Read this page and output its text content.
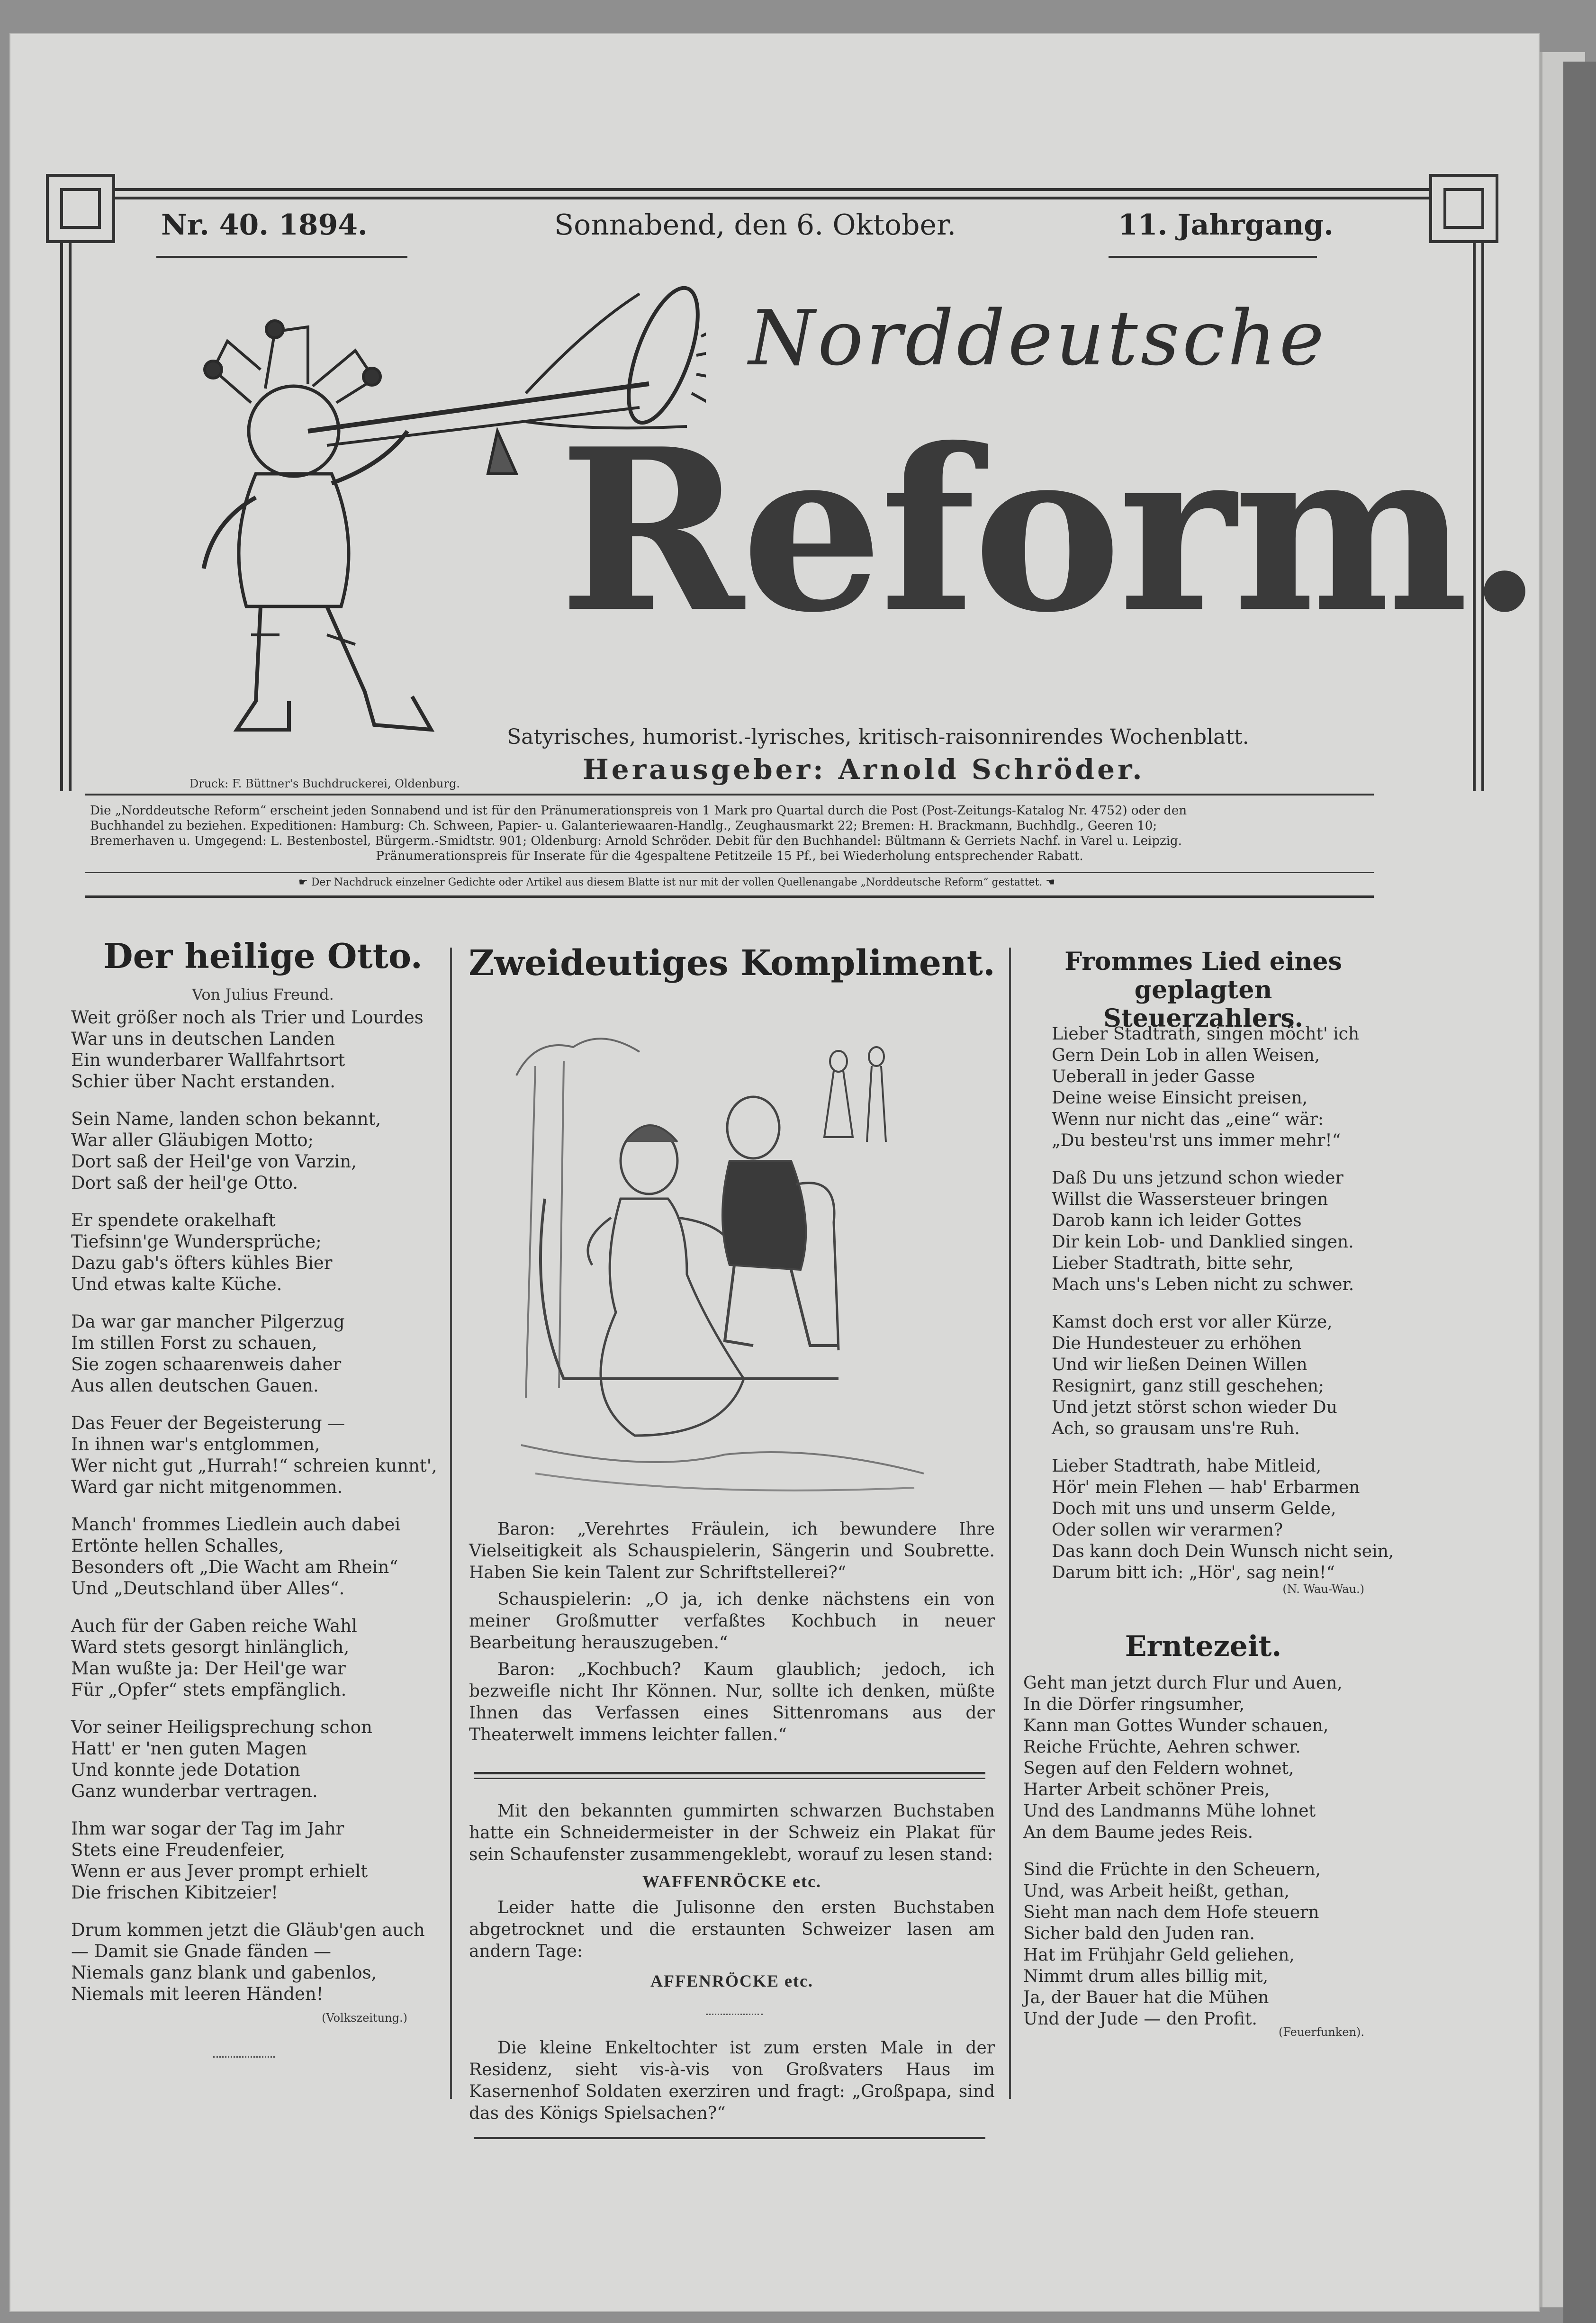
Nr. 40. 1894.	Sonnabend, den 6. Oktober.	11. Jahrgang.
Norddeutsche
Reform.
Satyrisches, humorist.-lyrisches, kritisch-raisonnirendes Wochenblatt.
Herausgeber: Arnold Schröder.
Druck: F. Büttner's Buchdruckerei, Oldenburg.
Die „Norddeutsche Reform“ erscheint jeden Sonnabend und ist für den Pränumerationspreis von 1 Mark pro Quartal durch die Post (Post-Zeitungs-Katalog Nr. 4752) oder den
Buchhandel zu beziehen. Expeditionen: Hamburg: Ch. Schween, Papier- u. Galanteriewaaren-Handlg., Zeughausmarkt 22; Bremen: H. Brackmann, Buchhdlg., Geeren 10;
Bremerhaven u. Umgegend: L. Bestenbostel, Bürgerm.-Smidtstr. 901; Oldenburg: Arnold Schröder. Debit für den Buchhandel: Bültmann & Gerriets Nachf. in Varel u. Leipzig.
Pränumerationspreis für Inserate für die 4gespaltene Petitzeile 15 Pf., bei Wiederholung entsprechender Rabatt.
☛ Der Nachdruck einzelner Gedichte oder Artikel aus diesem Blatte ist nur mit der vollen Quellenangabe „Norddeutsche Reform“ gestattet. ☚
Der heilige Otto.
Von Julius Freund.
Weit größer noch als Trier und Lourdes
War uns in deutschen Landen
Ein wunderbarer Wallfahrtsort
Schier über Nacht erstanden.
Sein Name, landen schon bekannt,
War aller Gläubigen Motto;
Dort saß der Heil'ge von Varzin,
Dort saß der heil'ge Otto.
Er spendete orakelhaft
Tiefsinn'ge Wundersprüche;
Dazu gab's öfters kühles Bier
Und etwas kalte Küche.
Da war gar mancher Pilgerzug
Im stillen Forst zu schauen,
Sie zogen schaarenweis daher
Aus allen deutschen Gauen.
Das Feuer der Begeisterung —
In ihnen war's entglommen,
Wer nicht gut „Hurrah!“ schreien kunnt',
Ward gar nicht mitgenommen.
Manch' frommes Liedlein auch dabei
Ertönte hellen Schalles,
Besonders oft „Die Wacht am Rhein“
Und „Deutschland über Alles“.
Auch für der Gaben reiche Wahl
Ward stets gesorgt hinlänglich,
Man wußte ja: Der Heil'ge war
Für „Opfer“ stets empfänglich.
Vor seiner Heiligsprechung schon
Hatt' er 'nen guten Magen
Und konnte jede Dotation
Ganz wunderbar vertragen.
Ihm war sogar der Tag im Jahr
Stets eine Freudenfeier,
Wenn er aus Jever prompt erhielt
Die frischen Kibitzeier!
Drum kommen jetzt die Gläub'gen auch
— Damit sie Gnade fänden —
Niemals ganz blank und gabenlos,
Niemals mit leeren Händen!
(Volkszeitung.)
Zweideutiges Kompliment.

Baron: „Verehrtes Fräulein, ich bewundere Ihre Vielseitigkeit als Schauspielerin, Sängerin und Soubrette. Haben Sie kein Talent zur Schriftstellerei?“

Schauspielerin: „O ja, ich denke nächstens ein von meiner Großmutter verfaßtes Kochbuch in neuer Bearbeitung herauszugeben.“

Baron: „Kochbuch? Kaum glaublich; jedoch, ich bezweifle nicht Ihr Können. Nur, sollte ich denken, müßte Ihnen das Verfassen eines Sittenromans aus der Theaterwelt immens leichter fallen.“

Mit den bekannten gummirten schwarzen Buchstaben hatte ein Schneidermeister in der Schweiz ein Plakat für sein Schaufenster zusammengeklebt, worauf zu lesen stand:

WAFFENRÖCKE etc.

Leider hatte die Julisonne den ersten Buchstaben abgetrocknet und die erstaunten Schweizer lasen am andern Tage:

AFFENRÖCKE etc.

Die kleine Enkeltochter ist zum ersten Male in der Residenz, sieht vis-à-vis von Großvaters Haus im Kasernenhof Soldaten exerziren und fragt: „Großpapa, sind das des Königs Spielsachen?“

Frommes Lied eines geplagten
Steuerzahlers.
Lieber Stadtrath, singen möcht' ich
Gern Dein Lob in allen Weisen,
Ueberall in jeder Gasse
Deine weise Einsicht preisen,
Wenn nur nicht das „eine“ wär:
„Du besteu'rst uns immer mehr!“
Daß Du uns jetzund schon wieder
Willst die Wassersteuer bringen
Darob kann ich leider Gottes
Dir kein Lob- und Danklied singen.
Lieber Stadtrath, bitte sehr,
Mach uns's Leben nicht zu schwer.
Kamst doch erst vor aller Kürze,
Die Hundesteuer zu erhöhen
Und wir ließen Deinen Willen
Resignirt, ganz still geschehen;
Und jetzt störst schon wieder Du
Ach, so grausam uns're Ruh.
Lieber Stadtrath, habe Mitleid,
Hör' mein Flehen — hab' Erbarmen
Doch mit uns und unserm Gelde,
Oder sollen wir verarmen?
Das kann doch Dein Wunsch nicht sein,
Darum bitt ich: „Hör', sag nein!“
(N. Wau-Wau.)
Erntezeit.
Geht man jetzt durch Flur und Auen,
In die Dörfer ringsumher,
Kann man Gottes Wunder schauen,
Reiche Früchte, Aehren schwer.
Segen auf den Feldern wohnet,
Harter Arbeit schöner Preis,
Und des Landmanns Mühe lohnet
An dem Baume jedes Reis.
Sind die Früchte in den Scheuern,
Und, was Arbeit heißt, gethan,
Sieht man nach dem Hofe steuern
Sicher bald den Juden ran.
Hat im Frühjahr Geld geliehen,
Nimmt drum alles billig mit,
Ja, der Bauer hat die Mühen
Und der Jude — den Profit.
(Feuerfunken).
